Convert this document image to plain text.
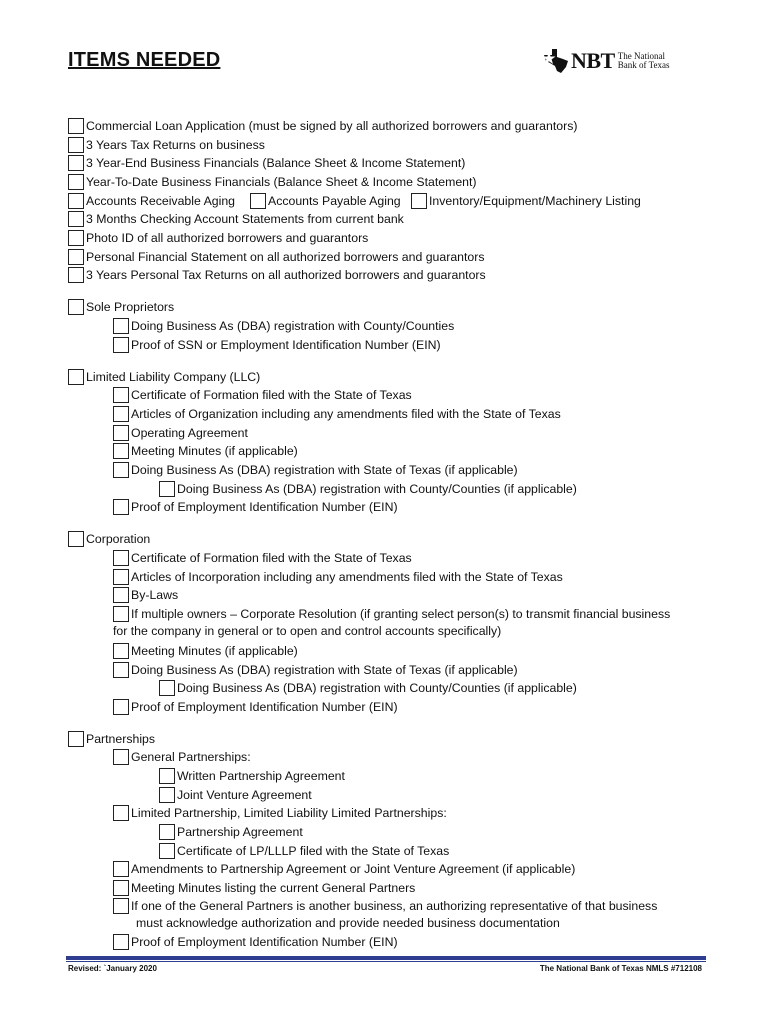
ITEMS NEEDED	NBT The National
Bank of Texas
Commercial Loan Application (must be signed by all authorized borrowers and guarantors)
3 Years Tax Returns on business
3 Year-End Business Financials (Balance Sheet & Income Statement)
Year-To-Date Business Financials (Balance Sheet & Income Statement)
Accounts Receivable Aging	Accounts Payable Aging Inventory/Equipment/Machinery Listing
3 Months Checking Account Statements from current bank
Photo ID of all authorized borrowers and guarantors
Personal Financial Statement on all authorized borrowers and guarantors
3 Years Personal Tax Returns on all authorized borrowers and guarantors
Sole Proprietors
Doing Business As (DBA) registration with County/Counties
Proof of SSN or Employment Identification Number (EIN)
Limited Liability Company (LLC)
Certificate of Formation filed with the State of Texas
Articles of Organization including any amendments filed with the State of Texas
Operating Agreement
Meeting Minutes (if applicable)
Doing Business As (DBA) registration with State of Texas (if applicable)
Doing Business As (DBA) registration with County/Counties (if applicable)
Proof of Employment Identification Number (EIN)
Corporation
Certificate of Formation filed with the State of Texas
Articles of Incorporation including any amendments filed with the State of Texas
By-Laws
If multiple owners – Corporate Resolution (if granting select person(s) to transmit financial business
for the company in general or to open and control accounts specifically)
Meeting Minutes (if applicable)
Doing Business As (DBA) registration with State of Texas (if applicable)
Doing Business As (DBA) registration with County/Counties (if applicable)
Proof of Employment Identification Number (EIN)
Partnerships
General Partnerships:
Written Partnership Agreement
Joint Venture Agreement
Limited Partnership, Limited Liability Limited Partnerships:
Partnership Agreement
Certificate of LP/LLLP filed with the State of Texas
Amendments to Partnership Agreement or Joint Venture Agreement (if applicable)
Meeting Minutes listing the current General Partners
If one of the General Partners is another business, an authorizing representative of that business
must acknowledge authorization and provide needed business documentation
Proof of Employment Identification Number (EIN)
Revised: `January 2020	The National Bank of Texas NMLS #712108
